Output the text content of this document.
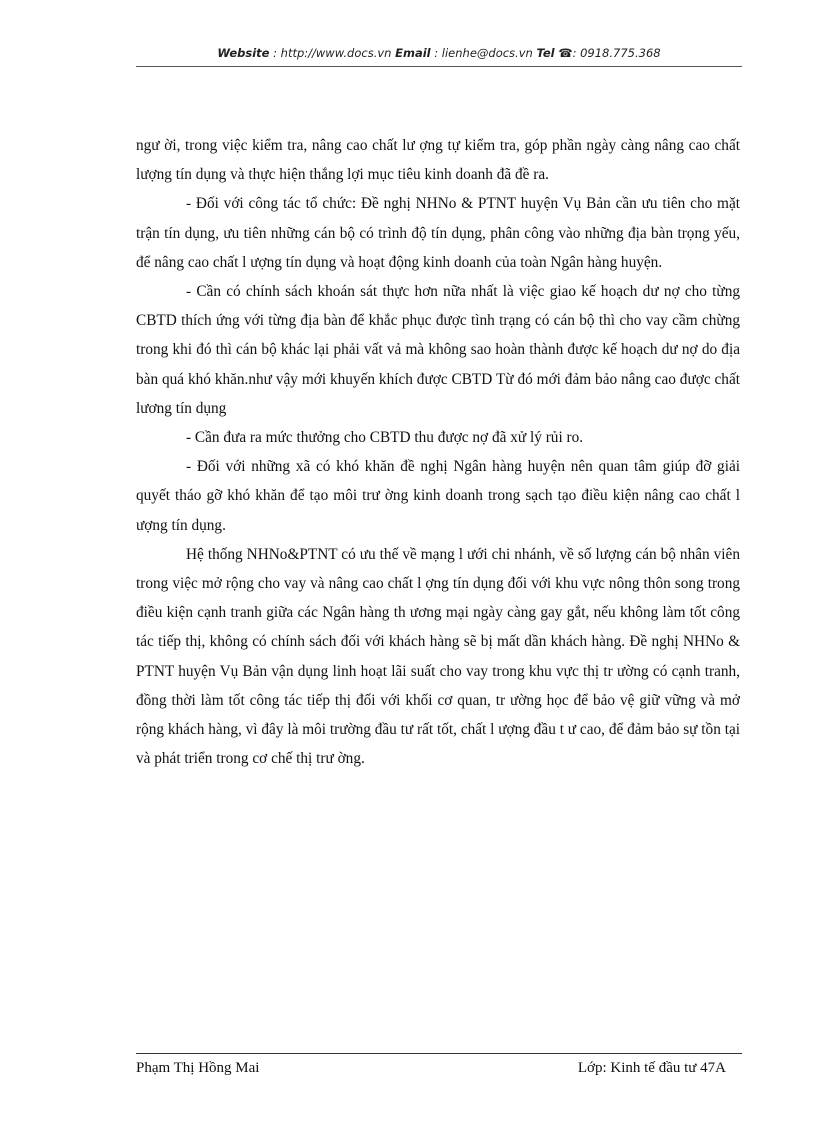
Website : http://www.docs.vn Email : lienhe@docs.vn Tel ☎: 0918.775.368

ngư ời, trong việc kiểm tra, nâng cao chất lư ợng tự kiểm tra, góp phần ngày càng nâng cao chất lượng tín dụng và thực hiện thắng lợi mục tiêu kinh doanh đã đề ra.

- Đối với công tác tổ chức: Đề nghị NHNo & PTNT huyện Vụ Bản cần ưu tiên cho mặt trận tín dụng, ưu tiên những cán bộ có trình độ tín dụng, phân công vào những địa bàn trọng yếu, để nâng cao chất l ượng tín dụng và hoạt động kinh doanh của toàn Ngân hàng huyện.

- Cần có chính sách khoán sát thực hơn nữa nhất là việc giao kế hoạch dư nợ cho từng CBTD thích ứng với từng địa bàn để khắc phục được tình trạng có cán bộ thì cho vay cầm chừng trong khi đó thì cán bộ khác lại phải vất vả mà không sao hoàn thành được kế hoạch dư nợ do địa bàn quá khó khăn.như vậy mới khuyến khích được CBTD Từ đó mới đảm bảo nâng cao được chất lương tín dụng

- Cần đưa ra mức thưởng cho CBTD thu được nợ đã xử lý rủi ro.

- Đối với những xã có khó khăn đề nghị Ngân hàng huyện nên quan tâm giúp đỡ giải quyết tháo gỡ khó khăn để tạo môi trư ờng kinh doanh trong sạch tạo điều kiện nâng cao chất l ượng tín dụng.

Hệ thống NHNo&PTNT có ưu thế về mạng l ưới chi nhánh, về số lượng cán bộ nhân viên trong việc mở rộng cho vay và nâng cao chất l ợng tín dụng đối với khu vực nông thôn song trong điều kiện cạnh tranh giữa các Ngân hàng th ương mại ngày càng gay gắt, nếu không làm tốt công tác tiếp thị, không có chính sách đối với khách hàng sẽ bị mất dần khách hàng. Đề nghị NHNo & PTNT huyện Vụ Bản vận dụng linh hoạt lãi suất cho vay trong khu vực thị tr ường có cạnh tranh, đồng thời làm tốt công tác tiếp thị đối với khối cơ quan, tr ường học để bảo vệ giữ vững và mở rộng khách hàng, vì đây là môi trường đầu tư rất tốt, chất l ượng đầu t ư cao, để đảm bảo sự tồn tại và phát triển trong cơ chế thị trư ờng.

Phạm Thị Hồng Mai	Lớp: Kinh tế đầu tư 47A
